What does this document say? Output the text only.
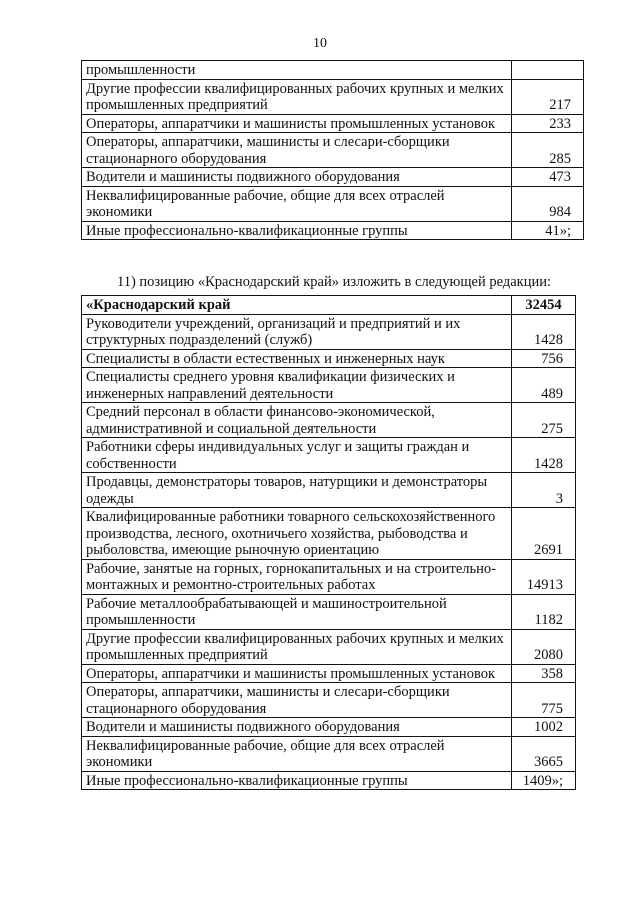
10
промышленности	
Другие профессии квалифицированных рабочих крупных и мелких промышленных предприятий	217
Операторы, аппаратчики и машинисты промышленных установок	233
Операторы, аппаратчики, машинисты и слесари-сборщики стационарного оборудования	285
Водители и машинисты подвижного оборудования	473
Неквалифицированные рабочие, общие для всех отраслей экономики	984
Иные профессионально-квалификационные группы	41»;
11) позицию «Краснодарский край» изложить в следующей редакции:
«Краснодарский край	32454
Руководители учреждений, организаций и предприятий и их структурных подразделений (служб)	1428
Специалисты в области естественных и инженерных наук	756
Специалисты среднего уровня квалификации физических и инженерных направлений деятельности	489
Средний персонал в области финансово-экономической, административной и социальной деятельности	275
Работники сферы индивидуальных услуг и защиты граждан и собственности	1428
Продавцы, демонстраторы товаров, натурщики и демонстраторы одежды	3
Квалифицированные работники товарного сельскохозяйственного производства, лесного, охотничьего хозяйства, рыбоводства и рыболовства, имеющие рыночную ориентацию	2691
Рабочие, занятые на горных, горнокапитальных и на строительно-монтажных и ремонтно-строительных работах	14913
Рабочие металлообрабатывающей и машиностроительной промышленности	1182
Другие профессии квалифицированных рабочих крупных и мелких промышленных предприятий	2080
Операторы, аппаратчики и машинисты промышленных установок	358
Операторы, аппаратчики, машинисты и слесари-сборщики стационарного оборудования	775
Водители и машинисты подвижного оборудования	1002
Неквалифицированные рабочие, общие для всех отраслей экономики	3665
Иные профессионально-квалификационные группы	1409»;
